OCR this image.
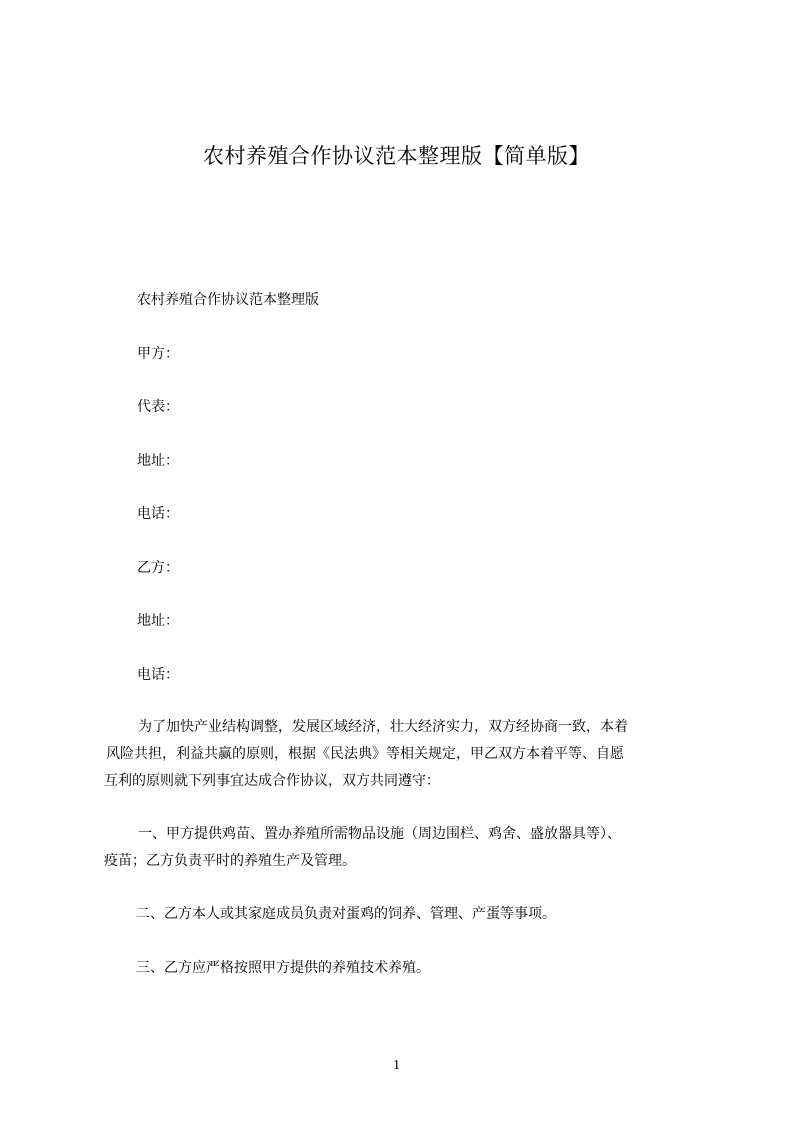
农村养殖合作协议范本整理版【简单版】
农村养殖合作协议范本整理版
甲方：
代表：
地址：
电话：
乙方：
地址：
电话：
为了加快产业结构调整，发展区域经济，壮大经济实力，双方经协商一致，本着
风险共担，利益共赢的原则，根据《民法典》等相关规定，甲乙双方本着平等、自愿
互利的原则就下列事宜达成合作协议，双方共同遵守：
一、甲方提供鸡苗、置办养殖所需物品设施（周边围栏、鸡舍、盛放器具等）、
疫苗；乙方负责平时的养殖生产及管理。
二、乙方本人或其家庭成员负责对蛋鸡的饲养、管理、产蛋等事项。
三、乙方应严格按照甲方提供的养殖技术养殖。
1
